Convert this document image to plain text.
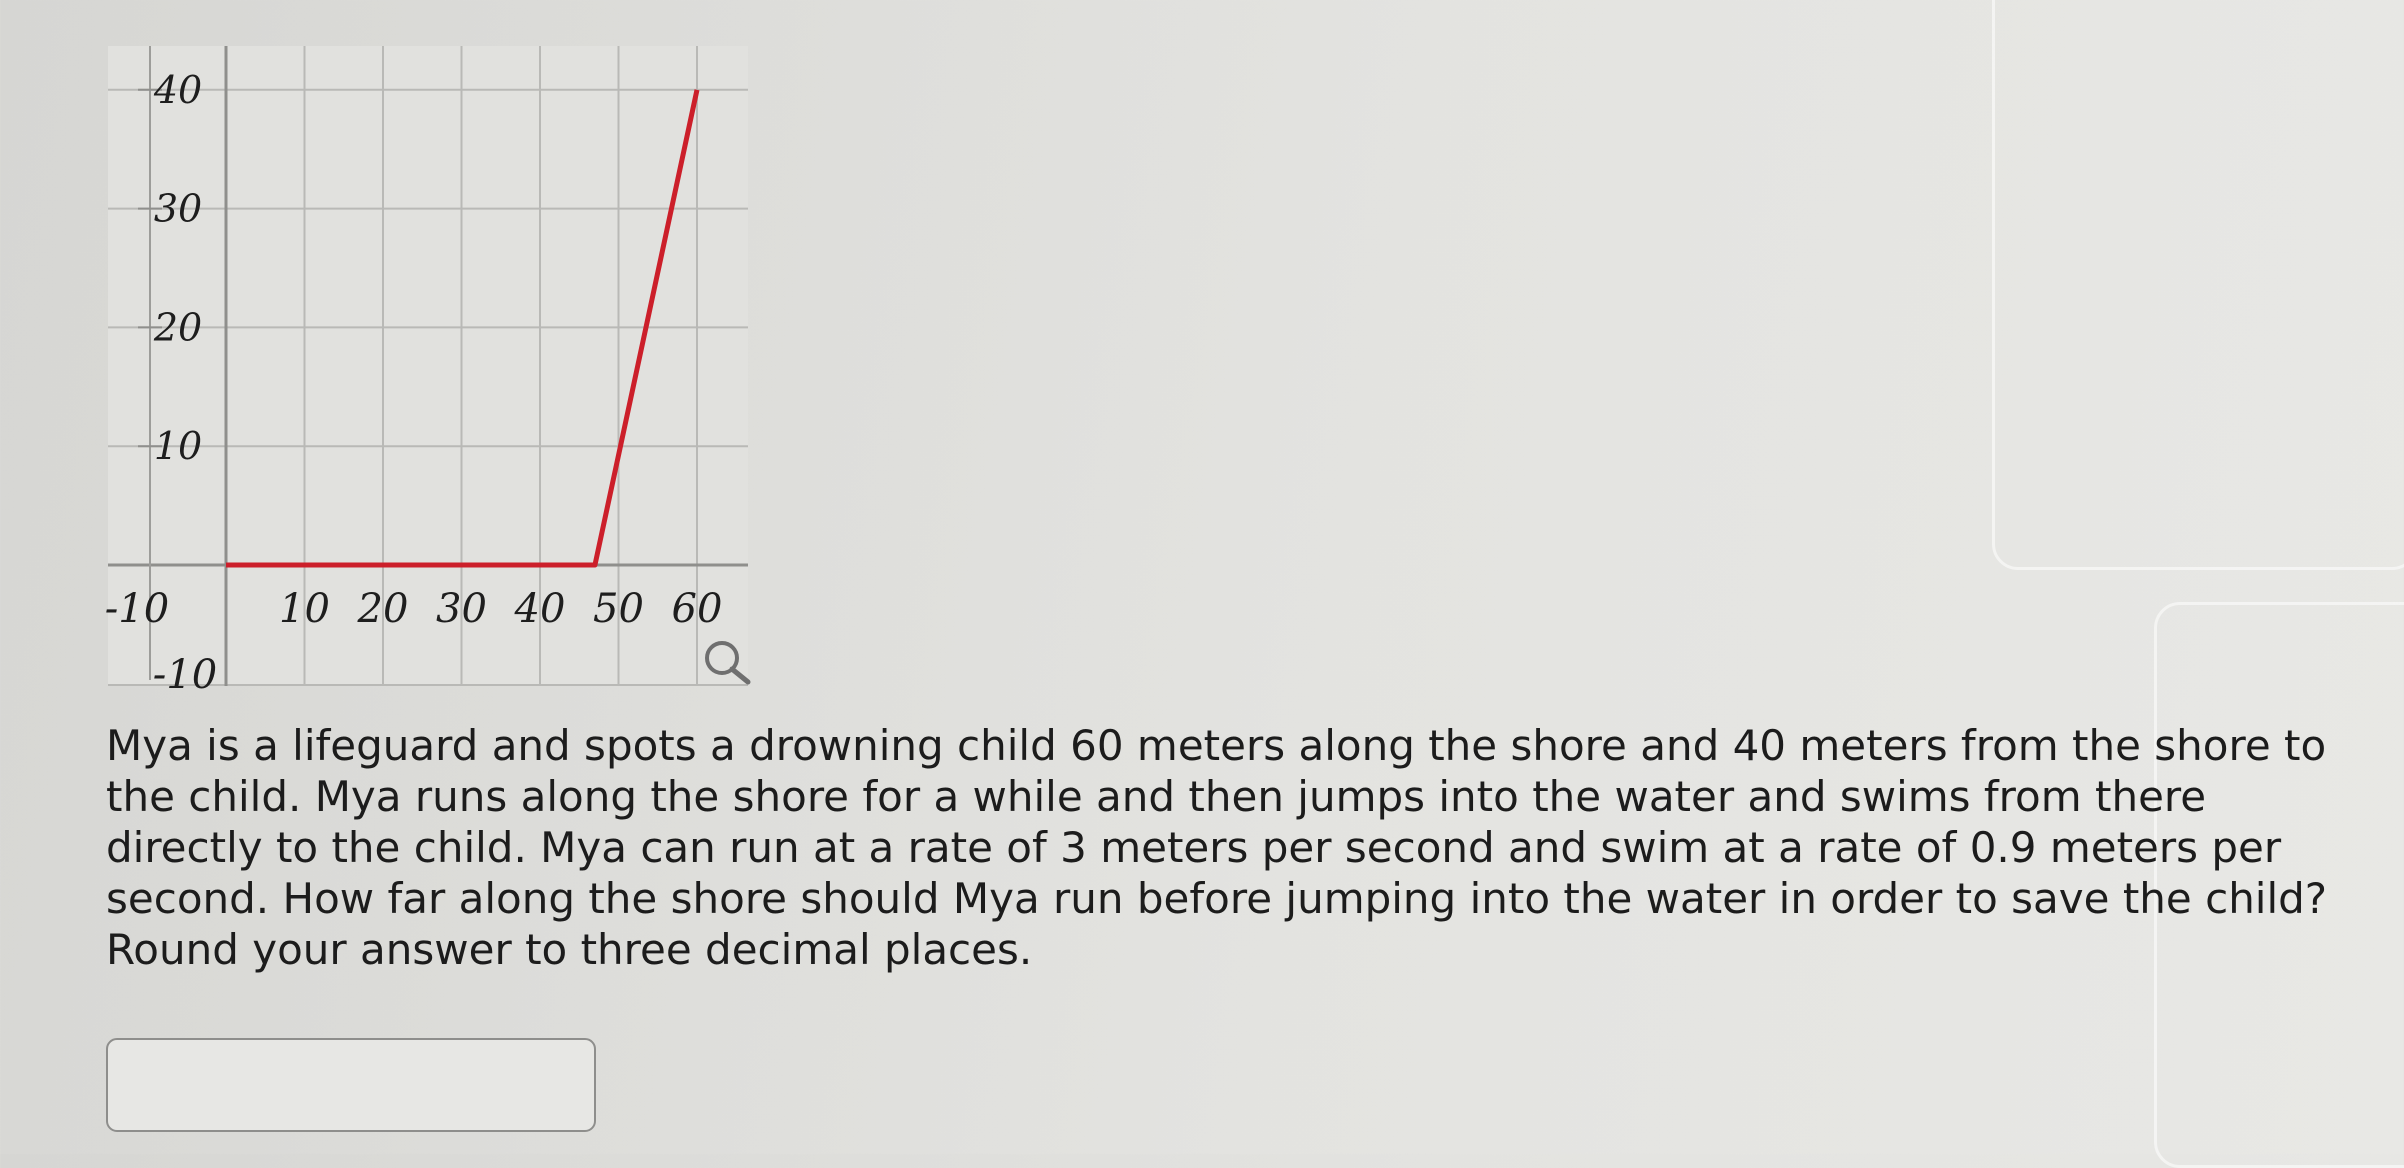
10
20
30
40
-10	10 20 30 40 50 60
-10

Mya is a lifeguard and spots a drowning child 60 meters along the shore and 40 meters from the shore to the child. Mya runs along the shore for a while and then jumps into the water and swims from there directly to the child. Mya can run at a rate of 3 meters per second and swim at a rate of 0.9 meters per second. How far along the shore should Mya run before jumping into the water in order to save the child? Round your answer to three decimal places.
